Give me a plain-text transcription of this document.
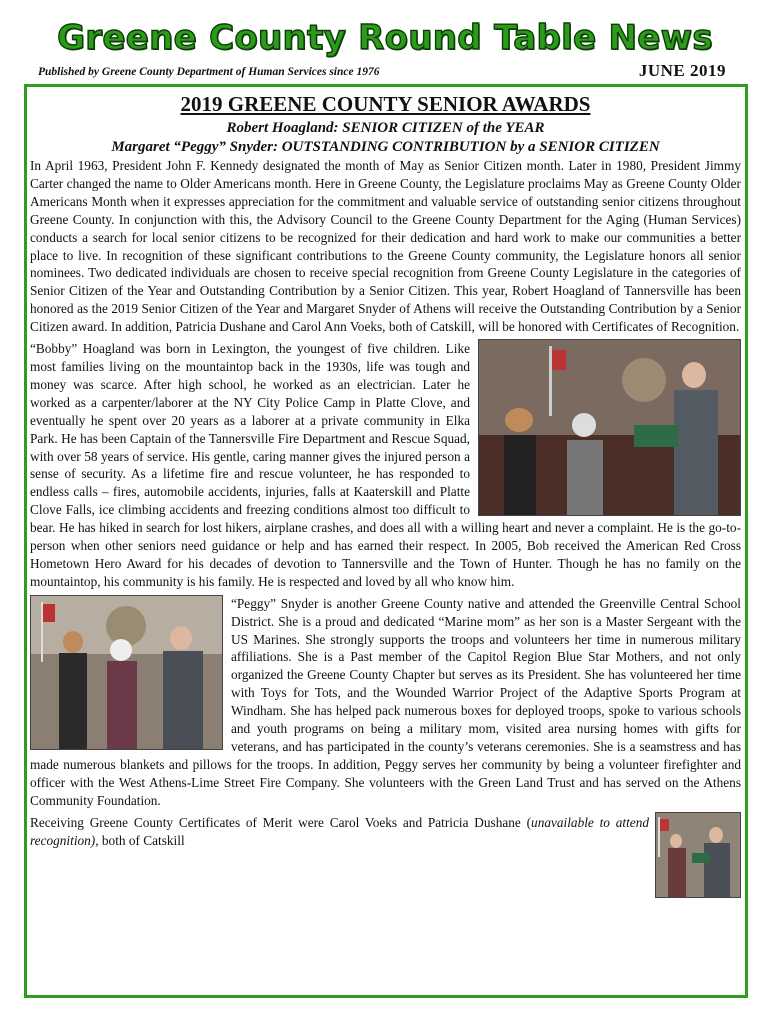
Greene County Round Table News
Published by Greene County Department of Human Services since 1976	JUNE 2019
2019 GREENE COUNTY SENIOR AWARDS
Robert Hoagland: SENIOR CITIZEN of the YEAR
Margaret “Peggy” Snyder: OUTSTANDING CONTRIBUTION by a SENIOR CITIZEN

In April 1963, President John F. Kennedy designated the month of May as Senior Citizen month. Later in 1980, President Jimmy Carter changed the name to Older Americans month. Here in Greene County, the Legislature proclaims May as Greene County Older Americans Month when it expresses appreciation for the commitment and valuable service of outstanding senior citizens throughout Greene County. In conjunction with this, the Advisory Council to the Greene County Department for the Aging (Human Services) conducts a search for local senior citizens to be recognized for their dedication and hard work to make our communities a better place to live. In recognition of these significant contributions to the Greene County community, the Legislature honors all senior nominees. Two dedicated individuals are chosen to receive special recognition from Greene County Legislature in the categories of Senior Citizen of the Year and Outstanding Contribution by a Senior Citizen. This year, Robert Hoagland of Tannersville has been honored as the 2019 Senior Citizen of the Year and Margaret Snyder of Athens will receive the Outstanding Contribution by a Senior Citizen award. In addition, Patricia Dushane and Carol Ann Voeks, both of Catskill, will be honored with Certificates of Recognition.

“Bobby” Hoagland was born in Lexington, the youngest of five children. Like most families living on the mountaintop back in the 1930s, life was tough and money was scarce. After high school, he worked as an electrician. Later he worked as a carpenter/laborer at the NY City Police Camp in Platte Clove, and eventually he spent over 20 years as a laborer at a private community in Elka Park. He has been Captain of the Tannersville Fire Department and Rescue Squad, with over 58 years of service. His gentle, caring manner gives the injured person a sense of security. As a lifetime fire and rescue volunteer, he has responded to endless calls – fires, automobile accidents, injuries, falls at Kaaterskill and Platte Clove Falls, ice climbing accidents and freezing conditions almost too difficult to bear. He has hiked in search for lost hikers, airplane crashes, and does all with a willing heart and never a complaint. He is the go-to-person when other seniors need guidance or help and has earned their respect. In 2005, Bob received the American Red Cross Hometown Hero Award for his decades of devotion to Tannersville and the Town of Hunter. Though he has no family on the mountaintop, his community is his family. He is respected and loved by all who know him.

“Peggy” Snyder is another Greene County native and attended the Greenville Central School District. She is a proud and dedicated “Marine mom” as her son is a Master Sergeant with the US Marines. She strongly supports the troops and volunteers her time in numerous military affiliations. She is a Past member of the Capitol Region Blue Star Mothers, and not only organized the Greene County Chapter but serves as its President. She has volunteered her time with Toys for Tots, and the Wounded Warrior Project of the Adaptive Sports Program at Windham. She has helped pack numerous boxes for deployed troops, spoke to various schools and youth programs on being a military mom, visited area nursing homes with gifts for veterans, and has participated in the county’s veterans ceremonies. She is a seamstress and has made numerous blankets and pillows for the troops. In addition, Peggy serves her community by being a volunteer firefighter and officer with the West Athens-Lime Street Fire Company. She volunteers with the Green Land Trust and has served on the Athens Community Foundation.

Receiving Greene County Certificates of Merit were Carol Voeks and Patricia Dushane (unavailable to attend recognition), both of Catskill
